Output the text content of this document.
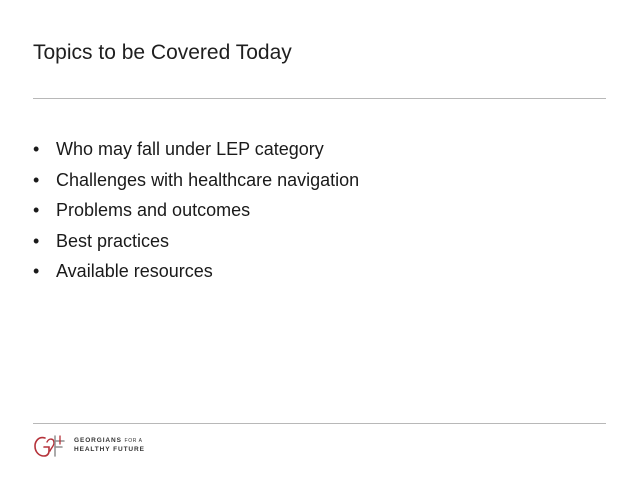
Topics to be Covered Today
• Who may fall under LEP category
• Challenges with healthcare navigation
• Problems and outcomes
• Best practices
• Available resources
GEORGIANS FOR A
HEALTHY FUTURE
